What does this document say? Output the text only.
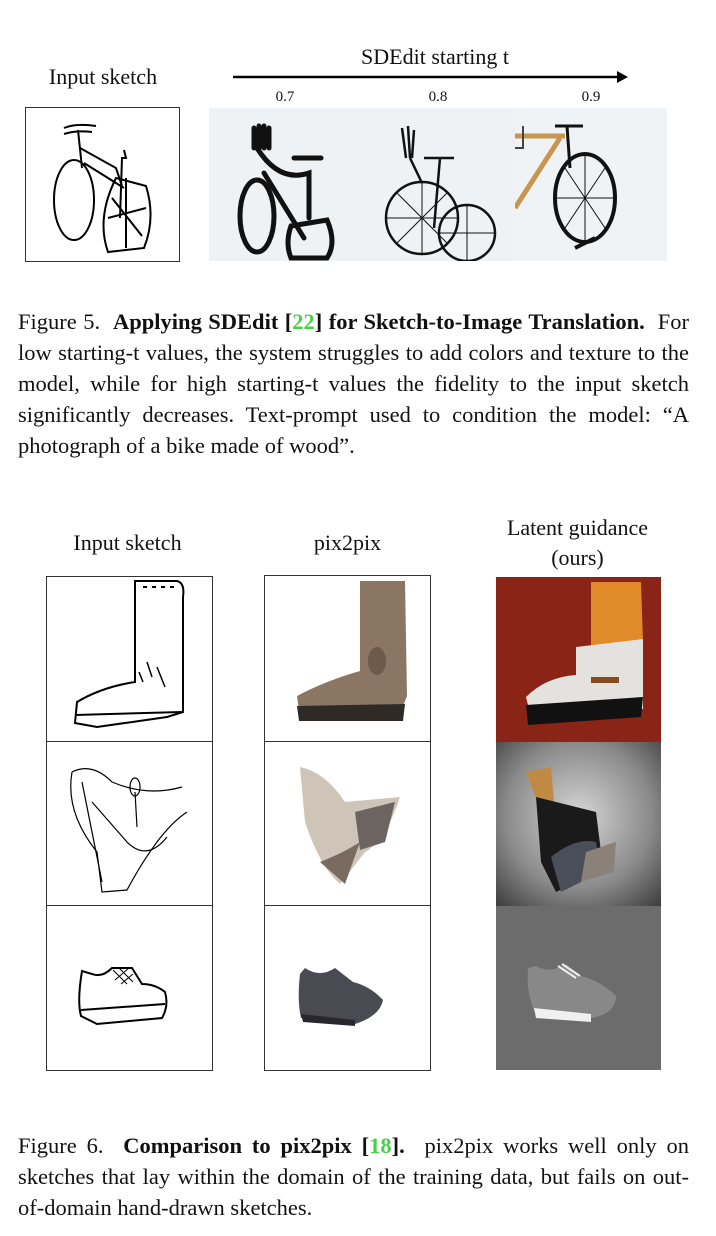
Input sketch
SDEdit starting t
0.7	0.8	0.9
Figure 5. Applying SDEdit [22] for Sketch-to-Image Translation. For low starting-t values, the system struggles to add colors and texture to the model, while for high starting-t values the fidelity to the input sketch significantly decreases. Text-prompt used to condition the model: “A photograph of a bike made of wood”.
Input sketch	pix2pix
Latent guidance
(ours)
Figure 6. Comparison to pix2pix [18]. pix2pix works well only on sketches that lay within the domain of the training data, but fails on out-of-domain hand-drawn sketches.
